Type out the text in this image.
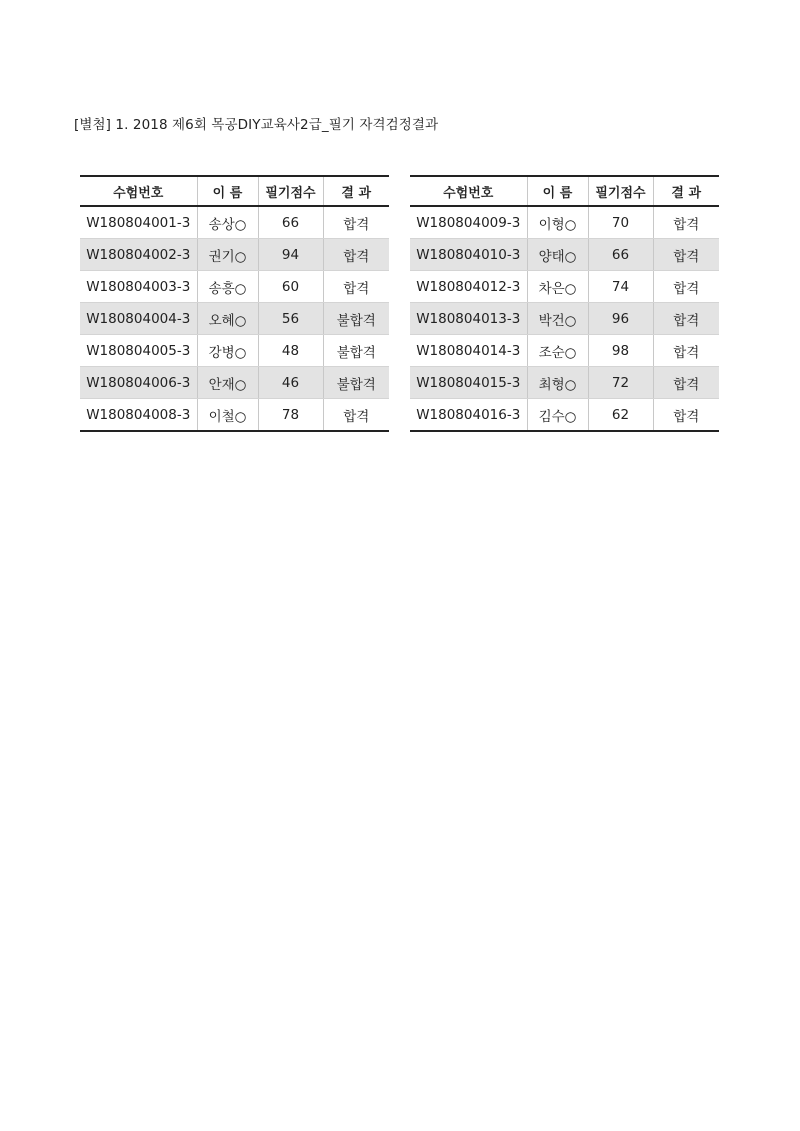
[별첨] 1. 2018 제6회 목공DIY교육사2급_필기 자격검정결과
수험번호	이 름	필기점수	결 과
W180804001-3	송상○	66	합격
W180804002-3	권기○	94	합격
W180804003-3	송흥○	60	합격
W180804004-3	오혜○	56	불합격
W180804005-3	강병○	48	불합격
W180804006-3	안재○	46	불합격
W180804008-3	이철○	78	합격
수험번호	이 름	필기점수	결 과
W180804009-3	이형○	70	합격
W180804010-3	양태○	66	합격
W180804012-3	차은○	74	합격
W180804013-3	박건○	96	합격
W180804014-3	조순○	98	합격
W180804015-3	최형○	72	합격
W180804016-3	김수○	62	합격
